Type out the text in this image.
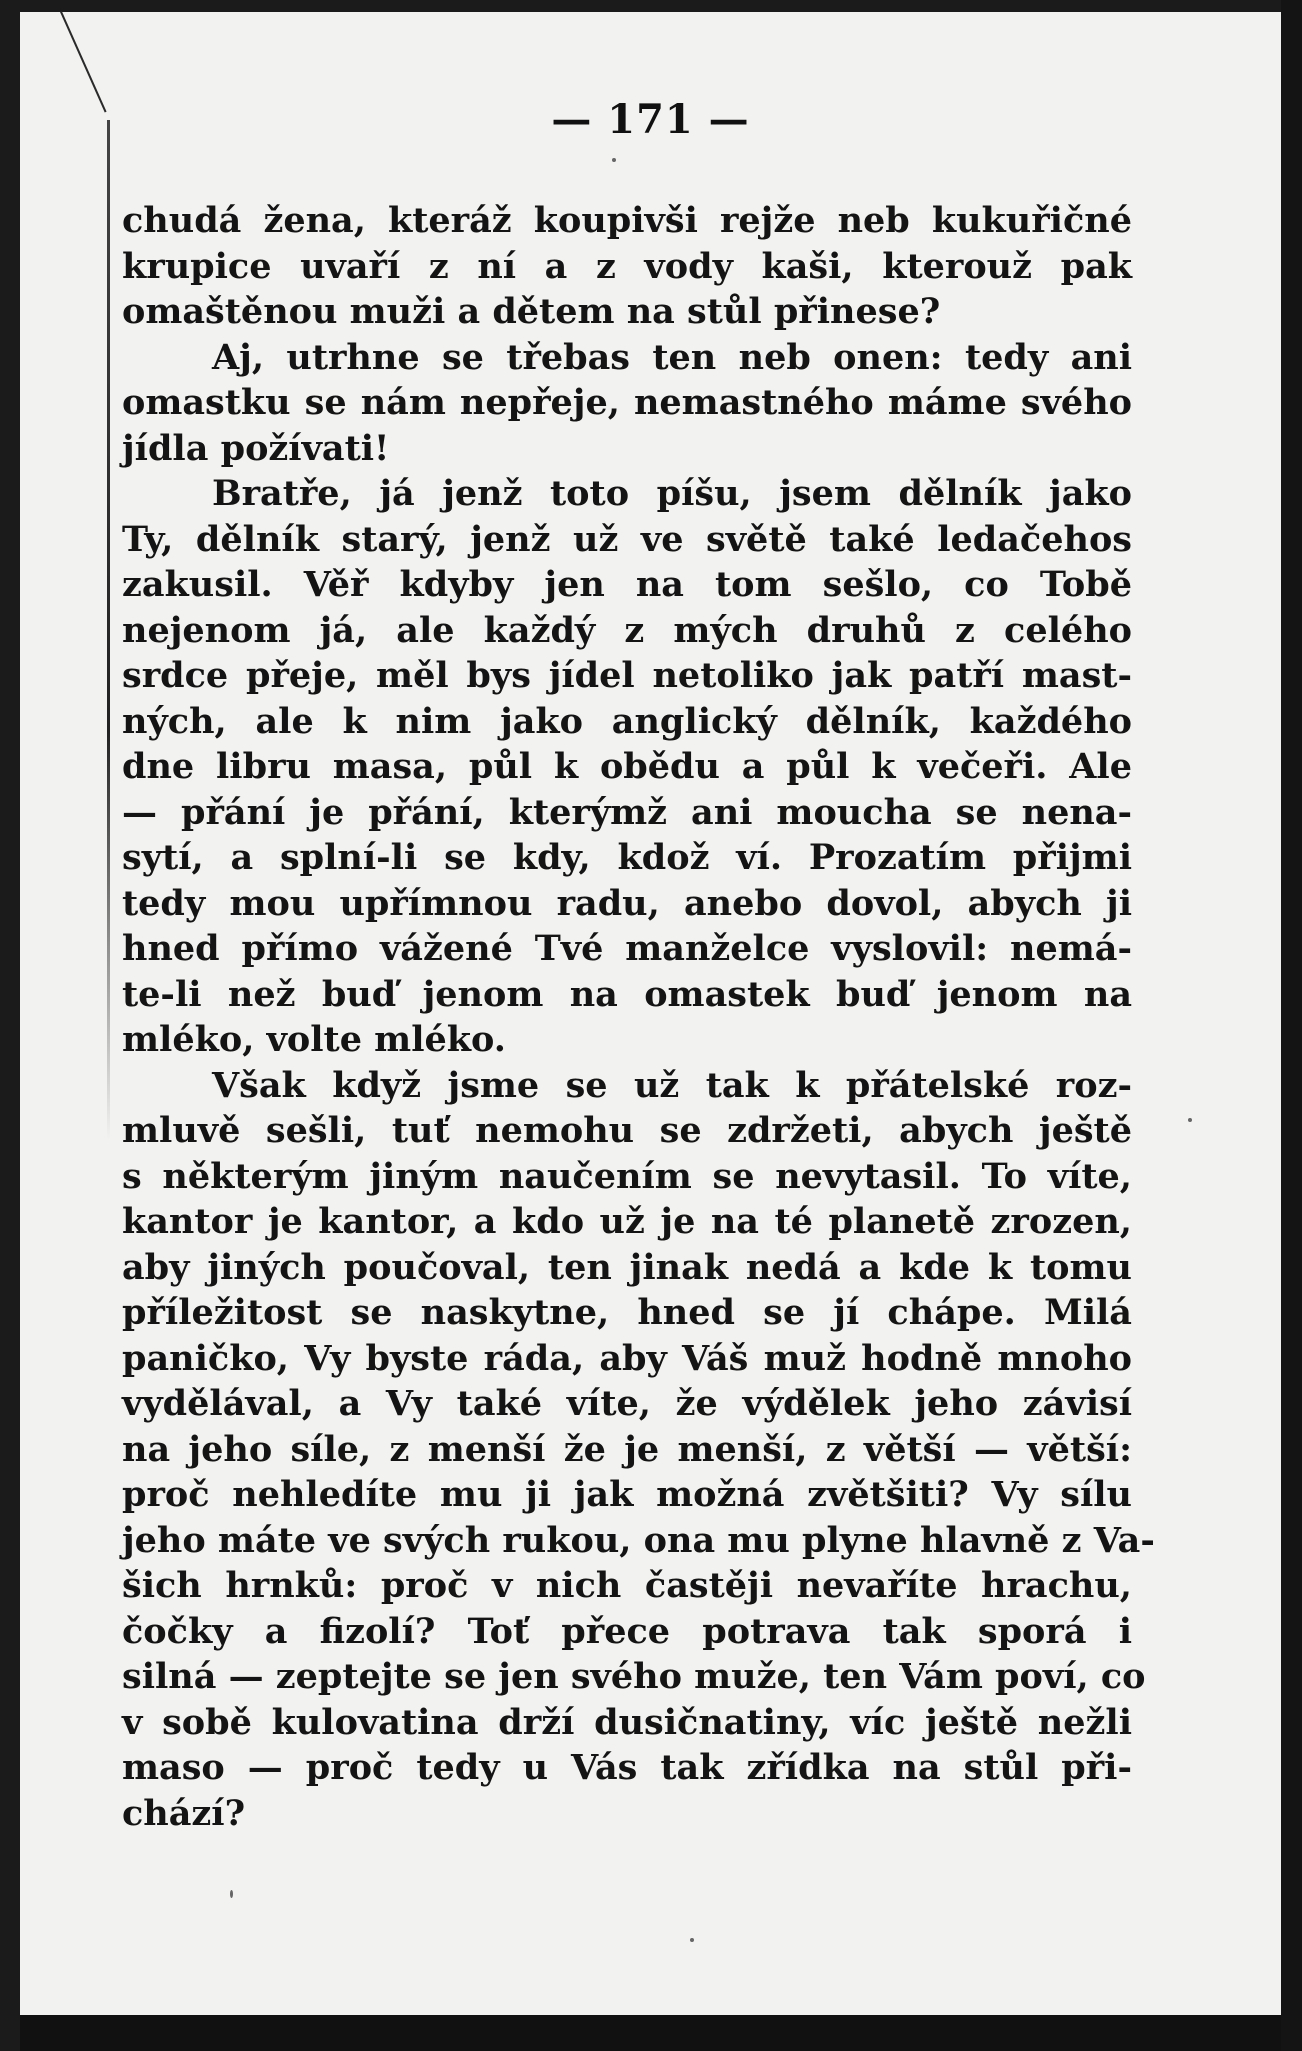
— 171 —
chudá žena, kteráž koupivši rejže neb kukuřičné
krupice uvaří z ní a z vody kaši, kterouž pak
omaštěnou muži a dětem na stůl přinese?
Aj, utrhne se třebas ten neb onen: tedy ani
omastku se nám nepřeje, nemastného máme svého
jídla požívati!
Bratře, já jenž toto píšu, jsem dělník jako
Ty, dělník starý, jenž už ve světě také ledačehos
zakusil. Věř kdyby jen na tom sešlo, co Tobě
nejenom já, ale každý z mých druhů z celého
srdce přeje, měl bys jídel netoliko jak patří mast-
ných, ale k nim jako anglický dělník, každého
dne libru masa, půl k obědu a půl k večeři. Ale
— přání je přání, kterýmž ani moucha se nena-
sytí, a splní-li se kdy, kdož ví. Prozatím přijmi
tedy mou upřímnou radu, anebo dovol, abych ji
hned přímo vážené Tvé manželce vyslovil: nemá-
te-li než buď jenom na omastek buď jenom na
mléko, volte mléko.
Však když jsme se už tak k přátelské roz-
mluvě sešli, tuť nemohu se zdržeti, abych ještě
s některým jiným naučením se nevytasil. To víte,
kantor je kantor, a kdo už je na té planetě zrozen,
aby jiných poučoval, ten jinak nedá a kde k tomu
příležitost se naskytne, hned se jí chápe. Milá
paničko, Vy byste ráda, aby Váš muž hodně mnoho
vydělával, a Vy také víte, že výdělek jeho závisí
na jeho síle, z menší že je menší, z větší — větší:
proč nehledíte mu ji jak možná zvětšiti? Vy sílu
jeho máte ve svých rukou, ona mu plyne hlavně z Va-
šich hrnků: proč v nich častěji nevaříte hrachu,
čočky a fizolí? Toť přece potrava tak sporá i
silná — zeptejte se jen svého muže, ten Vám poví, co
v sobě kulovatina drží dusičnatiny, víc ještě nežli
maso — proč tedy u Vás tak zřídka na stůl při-
chází?
